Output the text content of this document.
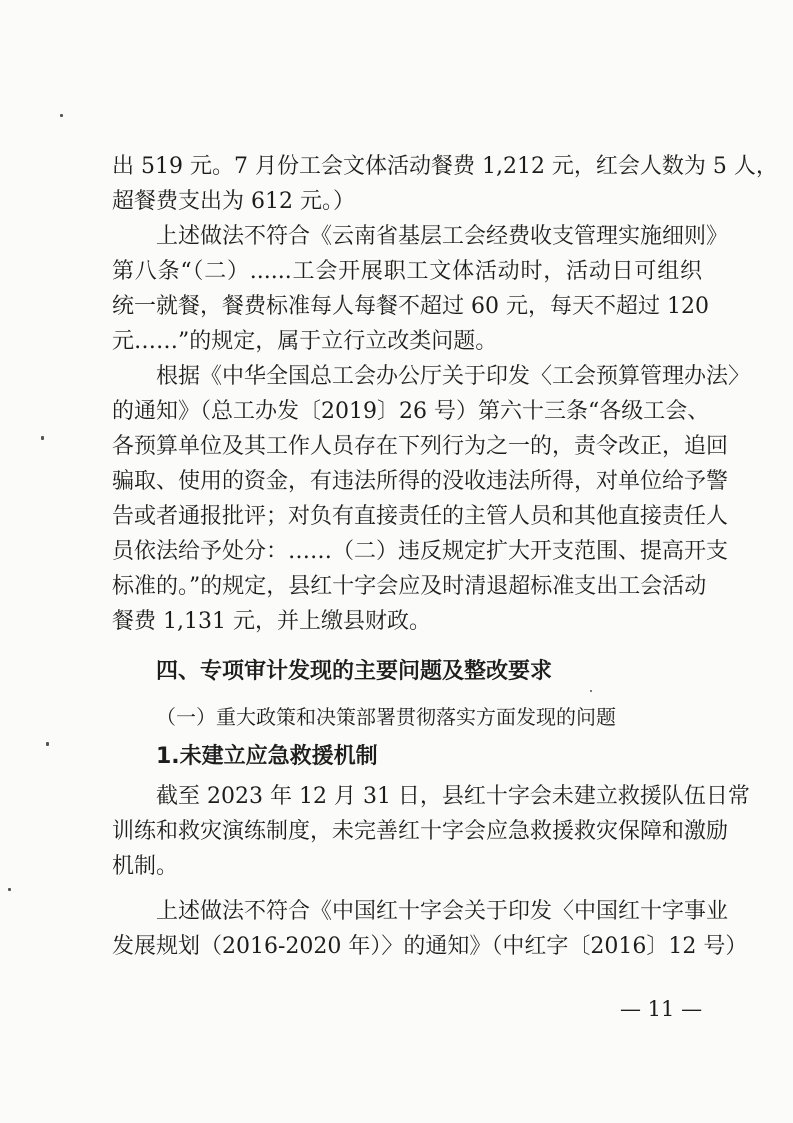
出 519 元。7 月份工会文体活动餐费 1,212 元，红会人数为 5 人，
超餐费支出为 612 元。）
上述做法不符合《云南省基层工会经费收支管理实施细则》
第八条“（二）......工会开展职工文体活动时，活动日可组织
统一就餐，餐费标准每人每餐不超过 60 元，每天不超过 120
元……”的规定，属于立行立改类问题。
根据《中华全国总工会办公厅关于印发〈工会预算管理办法〉
的通知》（总工办发〔2019〕26 号）第六十三条“各级工会、
各预算单位及其工作人员存在下列行为之一的，责令改正，追回
骗取、使用的资金，有违法所得的没收违法所得，对单位给予警
告或者通报批评；对负有直接责任的主管人员和其他直接责任人
员依法给予处分：……（二）违反规定扩大开支范围、提高开支
标准的。”的规定，县红十字会应及时清退超标准支出工会活动
餐费 1,131 元，并上缴县财政。
四、专项审计发现的主要问题及整改要求
（一）重大政策和决策部署贯彻落实方面发现的问题
1.未建立应急救援机制
截至 2023 年 12 月 31 日，县红十字会未建立救援队伍日常
训练和救灾演练制度，未完善红十字会应急救援救灾保障和激励
机制。
上述做法不符合《中国红十字会关于印发〈中国红十字事业
发展规划（2016-2020 年）〉的通知》（中红字〔2016〕12 号）
— 11 —
